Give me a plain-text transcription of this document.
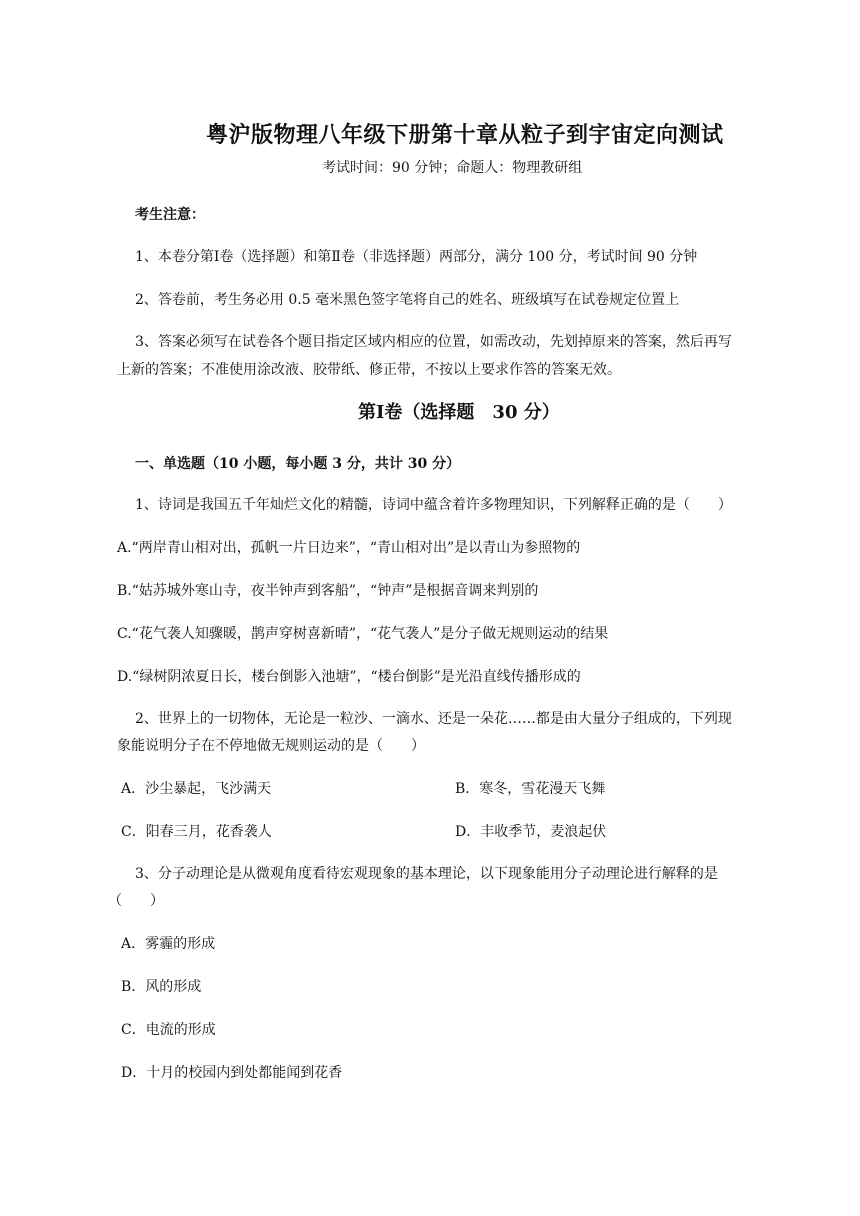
粤沪版物理八年级下册第十章从粒子到宇宙定向测试
考试时间：90 分钟；命题人：物理教研组
考生注意：
1、本卷分第Ⅰ卷（选择题）和第Ⅱ卷（非选择题）两部分，满分 100 分，考试时间 90 分钟
2、答卷前，考生务必用 0.5 毫米黑色签字笔将自己的姓名、班级填写在试卷规定位置上
3、答案必须写在试卷各个题目指定区域内相应的位置，如需改动，先划掉原来的答案，然后再写
上新的答案；不准使用涂改液、胶带纸、修正带，不按以上要求作答的答案无效。
第Ⅰ卷（选择题　30 分）
一、单选题（10 小题，每小题 3 分，共计 30 分）
1、诗词是我国五千年灿烂文化的精髓，诗词中蕴含着许多物理知识，下列解释正确的是（　　）
A.“两岸青山相对出，孤帆一片日边来”，“青山相对出”是以青山为参照物的
B.“姑苏城外寒山寺，夜半钟声到客船”，“钟声”是根据音调来判别的
C.“花气袭人知骤暖，鹊声穿树喜新晴”，“花气袭人”是分子做无规则运动的结果
D.“绿树阴浓夏日长，楼台倒影入池塘”，“楼台倒影”是光沿直线传播形成的
2、世界上的一切物体，无论是一粒沙、一滴水、还是一朵花……都是由大量分子组成的，下列现
象能说明分子在不停地做无规则运动的是（　　）
A．沙尘暴起，飞沙满天	B．寒冬，雪花漫天飞舞
C．阳春三月，花香袭人	D．丰收季节，麦浪起伏
3、分子动理论是从微观角度看待宏观现象的基本理论，以下现象能用分子动理论进行解释的是
（　　）
A．雾霾的形成
B．风的形成
C．电流的形成
D．十月的校园内到处都能闻到花香
